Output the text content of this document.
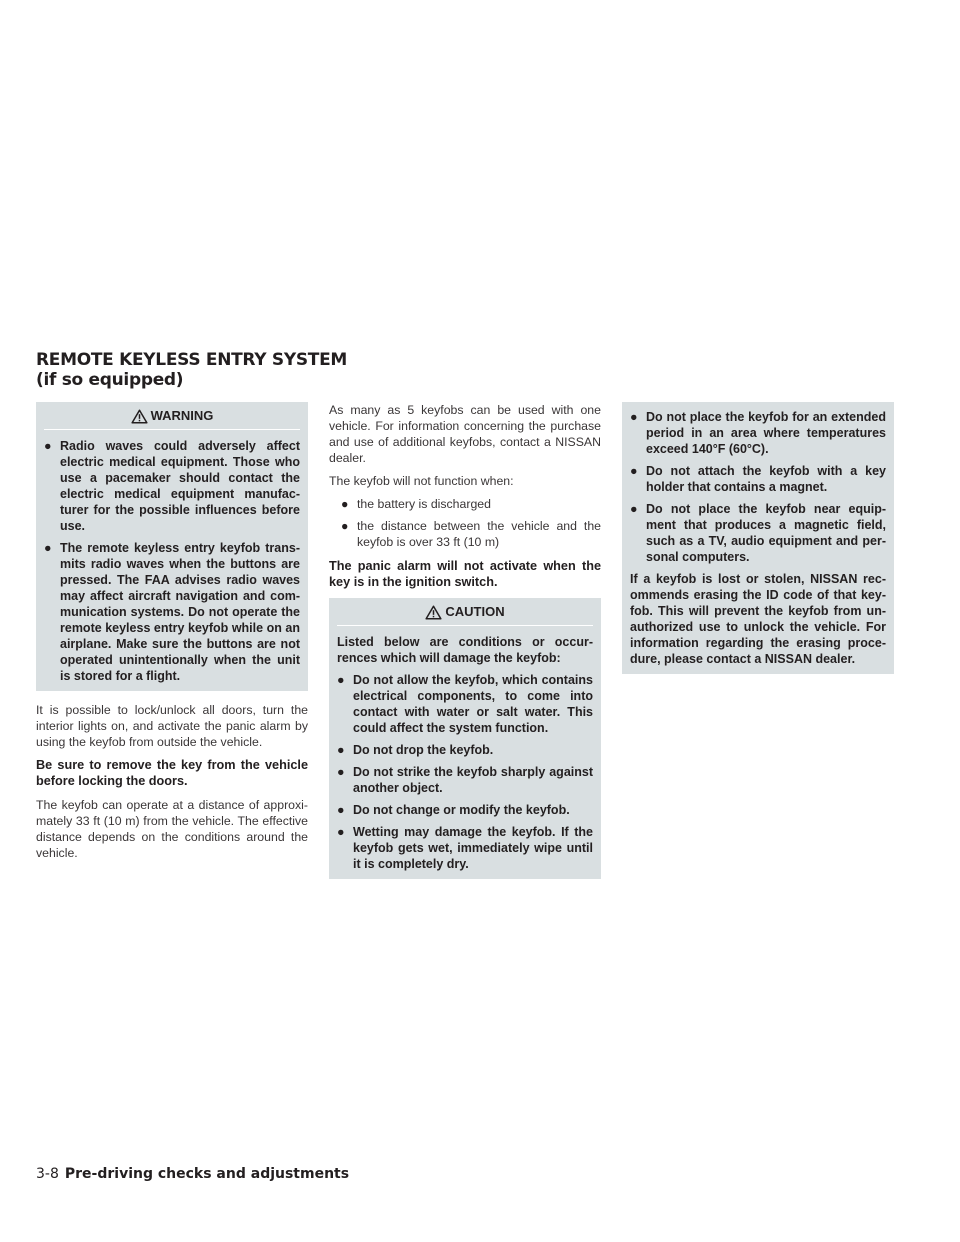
REMOTE KEYLESS ENTRY SYSTEM
(if so equipped)
WARNING
● Radio waves could adversely affect electric medical equipment. Those who use a pacemaker should contact the electric medical equipment manufac- turer for the possible influences before use.
● The remote keyless entry keyfob trans- mits radio waves when the buttons are pressed. The FAA advises radio waves may affect aircraft navigation and com- munication systems. Do not operate the remote keyless entry keyfob while on an airplane. Make sure the buttons are not operated unintentionally when the unit is stored for a flight.

It is possible to lock/unlock all doors, turn the interior lights on, and activate the panic alarm by using the keyfob from outside the vehicle.

Be sure to remove the key from the vehicle before locking the doors.

The keyfob can operate at a distance of approxi- mately 33 ft (10 m) from the vehicle. The effective distance depends on the conditions around the vehicle.

As many as 5 keyfobs can be used with one vehicle. For information concerning the purchase and use of additional keyfobs, contact a NISSAN dealer.

The keyfob will not function when:

● the battery is discharged
● the distance between the vehicle and the keyfob is over 33 ft (10 m)

The panic alarm will not activate when the key is in the ignition switch.

CAUTION

Listed below are conditions or occur- rences which will damage the keyfob:

● Do not allow the keyfob, which contains electrical components, to come into contact with water or salt water. This could affect the system function.
● Do not drop the keyfob.
● Do not strike the keyfob sharply against another object.
● Do not change or modify the keyfob.
● Wetting may damage the keyfob. If the keyfob gets wet, immediately wipe until it is completely dry.
● Do not place the keyfob for an extended period in an area where temperatures exceed 140°F (60°C).
● Do not attach the keyfob with a key holder that contains a magnet.
● Do not place the keyfob near equip- ment that produces a magnetic field, such as a TV, audio equipment and per- sonal computers.

If a keyfob is lost or stolen, NISSAN rec- ommends erasing the ID code of that key- fob. This will prevent the keyfob from un- authorized use to unlock the vehicle. For information regarding the erasing proce- dure, please contact a NISSAN dealer.

3-8 Pre-driving checks and adjustments
